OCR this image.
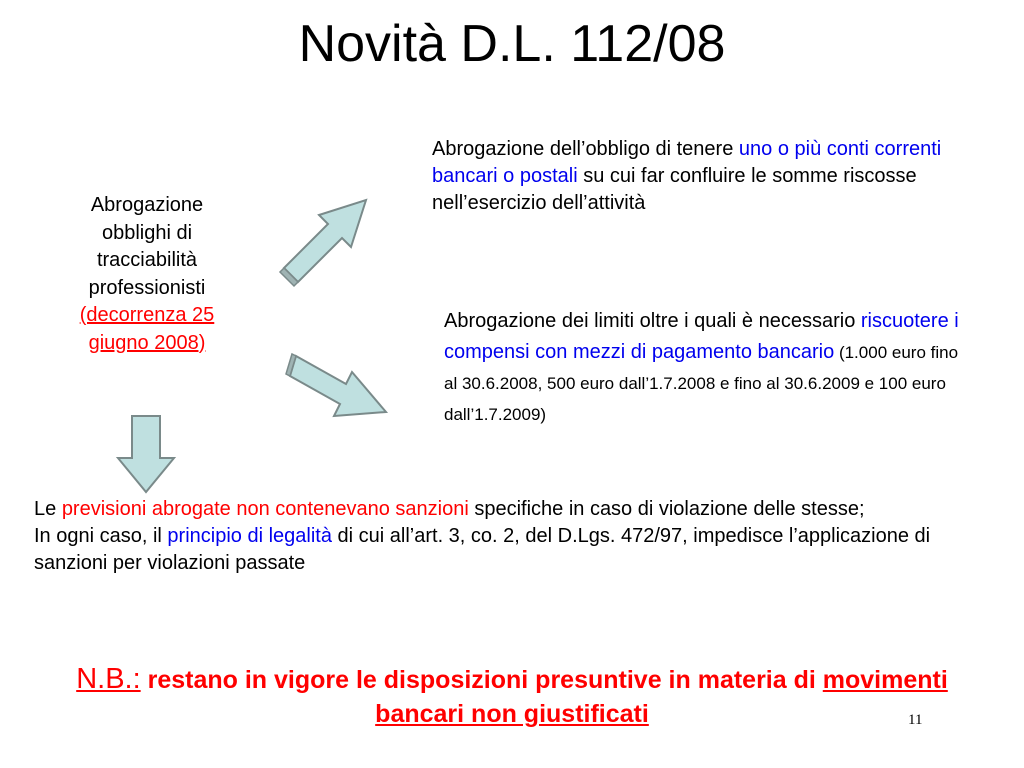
Novità D.L. 112/08
Abrogazione
obblighi di
tracciabilità
professionisti
(decorrenza 25
giugno 2008)
Abrogazione dell’obbligo di tenere uno o più conti correnti bancari o postali su cui far confluire le somme riscosse nell’esercizio dell’attività
Abrogazione dei limiti oltre i quali è necessario riscuotere i compensi con mezzi di pagamento bancario (1.000 euro fino al 30.6.2008, 500 euro dall’1.7.2008 e fino al 30.6.2009 e 100 euro dall’1.7.2009)
Le previsioni abrogate non contenevano sanzioni specifiche in caso di violazione delle stesse;
In ogni caso, il principio di legalità di cui all’art. 3, co. 2, del D.Lgs. 472/97, impedisce l’applicazione di sanzioni per violazioni passate
N.B.: restano in vigore le disposizioni presuntive in materia di movimenti bancari non giustificati	11
